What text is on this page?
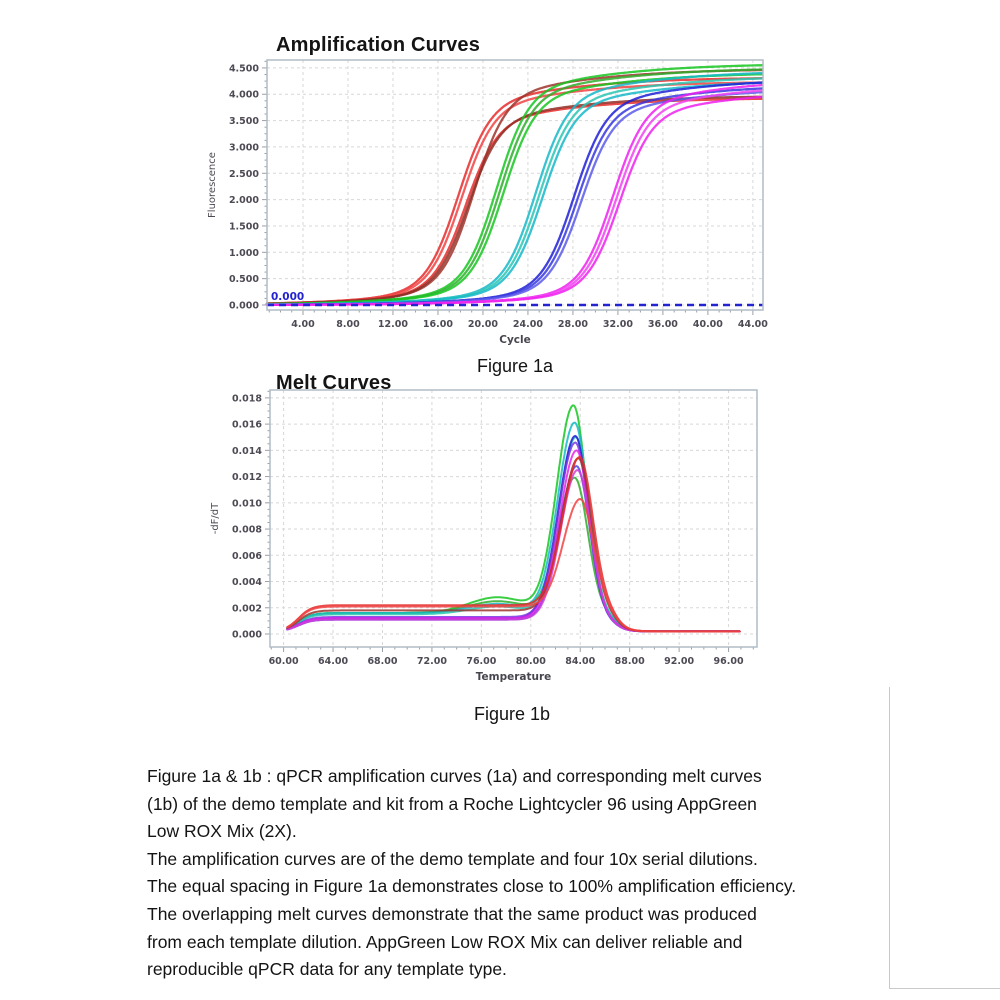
4.00 8.00 12.00 16.00 20.00 24.00 28.00 32.00 36.00 40.00 44.00
0.000
0.500
1.000
1.500
2.000
2.500
3.000
3.500
4.000
4.500
Cycle
Fluorescence
0.000
60.00 64.00 68.00 72.00 76.00 80.00 84.00 88.00 92.00 96.00
0.000
0.002
0.004
0.006
0.008
0.010
0.012
0.014
0.016
0.018
Temperature
-dF/dT
Amplification Curves
Melt Curves
Figure 1a
Figure 1b
Figure 1a & 1b : qPCR amplification curves (1a) and corresponding melt curves
(1b) of the demo template and kit from a Roche Lightcycler 96 using AppGreen
Low ROX Mix (2X).
The amplification curves are of the demo template and four 10x serial dilutions.
The equal spacing in Figure 1a demonstrates close to 100% amplification efficiency.
The overlapping melt curves demonstrate that the same product was produced
from each template dilution. AppGreen Low ROX Mix can deliver reliable and
reproducible qPCR data for any template type.
